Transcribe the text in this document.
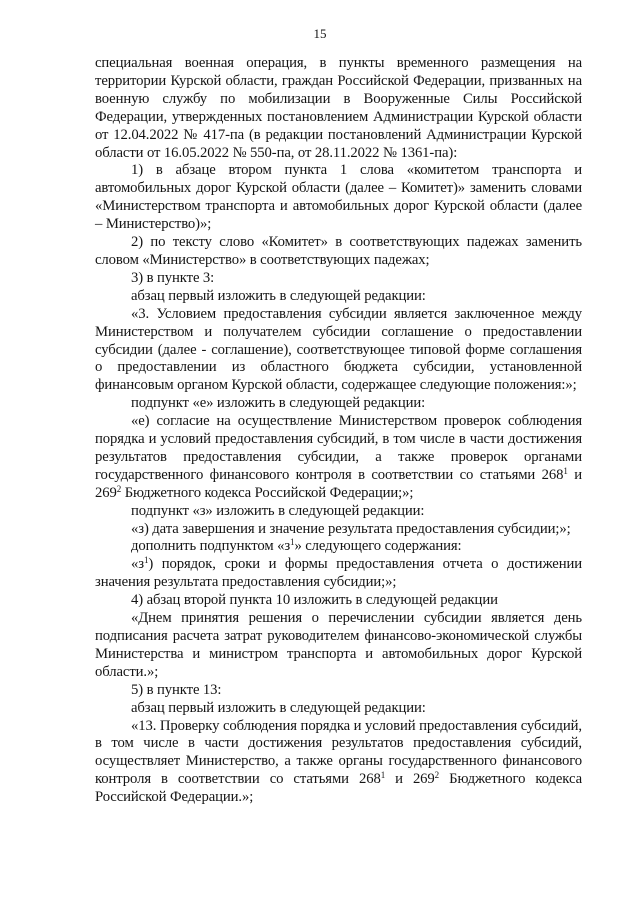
15

специальная военная операция, в пункты временного размещения на территории Курской области, граждан Российской Федерации, призванных на военную службу по мобилизации в Вооруженные Силы Российской Федерации, утвержденных постановлением Администрации Курской области от 12.04.2022 № 417-па (в редакции постановлений Администрации Курской области от 16.05.2022 № 550-па, от 28.11.2022 № 1361-па):

1) в абзаце втором пункта 1 слова «комитетом транспорта и автомобильных дорог Курской области (далее – Комитет)» заменить словами «Министерством транспорта и автомобильных дорог Курской области (далее – Министерство)»;

2) по тексту слово «Комитет» в соответствующих падежах заменить словом «Министерство» в соответствующих падежах;

3) в пункте 3:

абзац первый изложить в следующей редакции:

«3. Условием предоставления субсидии является заключенное между Министерством и получателем субсидии соглашение о предоставлении субсидии (далее - соглашение), соответствующее типовой форме соглашения о предоставлении из областного бюджета субсидии, установленной финансовым органом Курской области, содержащее следующие положения:»;

подпункт «е» изложить в следующей редакции:

«е) согласие на осуществление Министерством проверок соблюдения порядка и условий предоставления субсидий, в том числе в части достижения результатов предоставления субсидии, а также проверок органами государственного финансового контроля в соответствии со статьями $268^1$ и $269^2$ Бюджетного кодекса Российской Федерации;»;

подпункт «з» изложить в следующей редакции:

«з) дата завершения и значение результата предоставления субсидии;»;

дополнить подпунктом «$з^1$» следующего содержания:

«$з^1$) порядок, сроки и формы предоставления отчета о достижении значения результата предоставления субсидии;»;

4) абзац второй пункта 10 изложить в следующей редакции

«Днем принятия решения о перечислении субсидии является день подписания расчета затрат руководителем финансово-экономической службы Министерства и министром транспорта и автомобильных дорог Курской области.»;

5) в пункте 13:

абзац первый изложить в следующей редакции:

«13. Проверку соблюдения порядка и условий предоставления субсидий, в том числе в части достижения результатов предоставления субсидий, осуществляет Министерство, а также органы государственного финансового контроля в соответствии со статьями $268^1$ и $269^2$ Бюджетного кодекса Российской Федерации.»;
